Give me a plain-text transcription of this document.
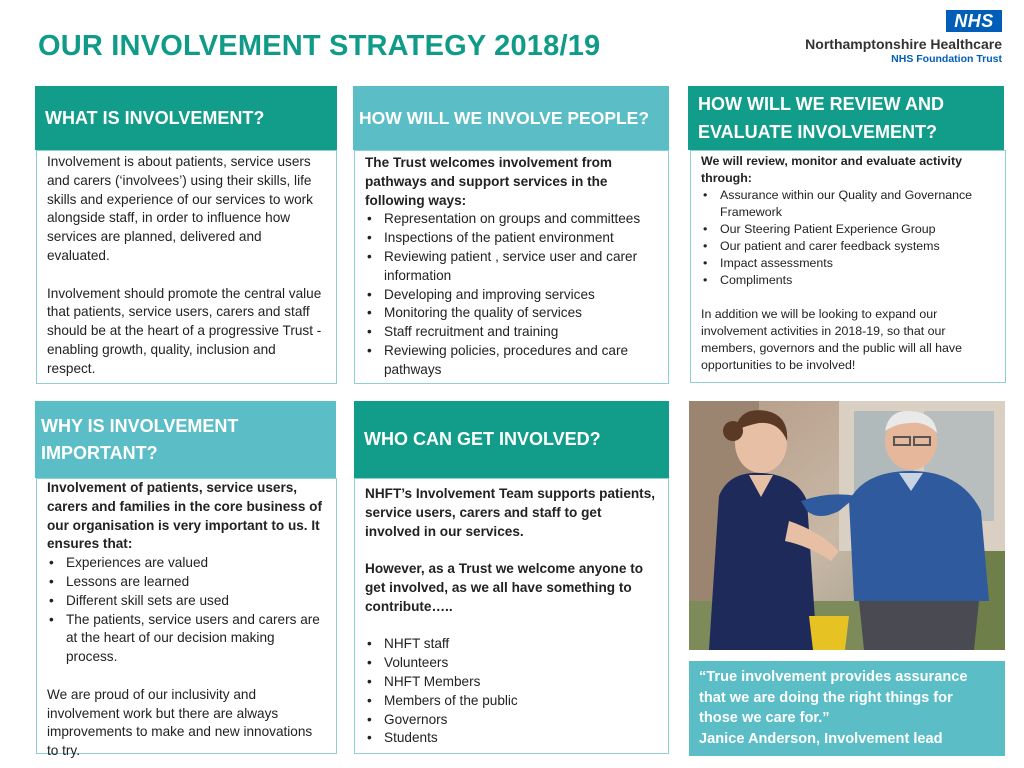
OUR INVOLVEMENT STRATEGY 2018/19
NHS
Northamptonshire Healthcare
NHS Foundation Trust
WHAT IS INVOLVEMENT?

Involvement is about patients, service users and carers (‘involvees’) using their skills, life skills and experience of our services to work alongside staff, in order to influence how services are planned, delivered and evaluated.

Involvement should promote the central value that patients, service users, carers and staff should be at the heart of a progressive Trust - enabling growth, quality, inclusion and respect.

HOW WILL WE INVOLVE PEOPLE?

The Trust welcomes involvement from pathways and support services in the following ways:

• Representation on groups and committees
• Inspections of the patient environment
• Reviewing patient , service user and carer information
• Developing and improving services
• Monitoring the quality of services
• Staff recruitment and training
• Reviewing policies, procedures and care pathways
HOW WILL WE REVIEW AND EVALUATE INVOLVEMENT?

We will review, monitor and evaluate activity through:

• Assurance within our Quality and Governance Framework
• Our Steering Patient Experience Group
• Our patient and carer feedback systems
• Impact assessments
• Compliments

In addition we will be looking to expand our involvement activities in 2018-19, so that our members, governors and the public will all have opportunities to be involved!

WHY IS INVOLVEMENT IMPORTANT?

Involvement of patients, service users, carers and families in the core business of our organisation is very important to us. It ensures that:

• Experiences are valued
• Lessons are learned
• Different skill sets are used
• The patients, service users and carers are at the heart of our decision making process.

We are proud of our inclusivity and involvement work but there are always improvements to make and new innovations to try.

WHO CAN GET INVOLVED?

NHFT’s Involvement Team supports patients, service users, carers and staff to get involved in our services.

However, as a Trust we welcome anyone to get involved, as we all have something to contribute…..

• NHFT staff
• Volunteers
• NHFT Members
• Members of the public
• Governors
• Students

“True involvement provides assurance that we are doing the right things for those we care for.”

Janice Anderson, Involvement lead
